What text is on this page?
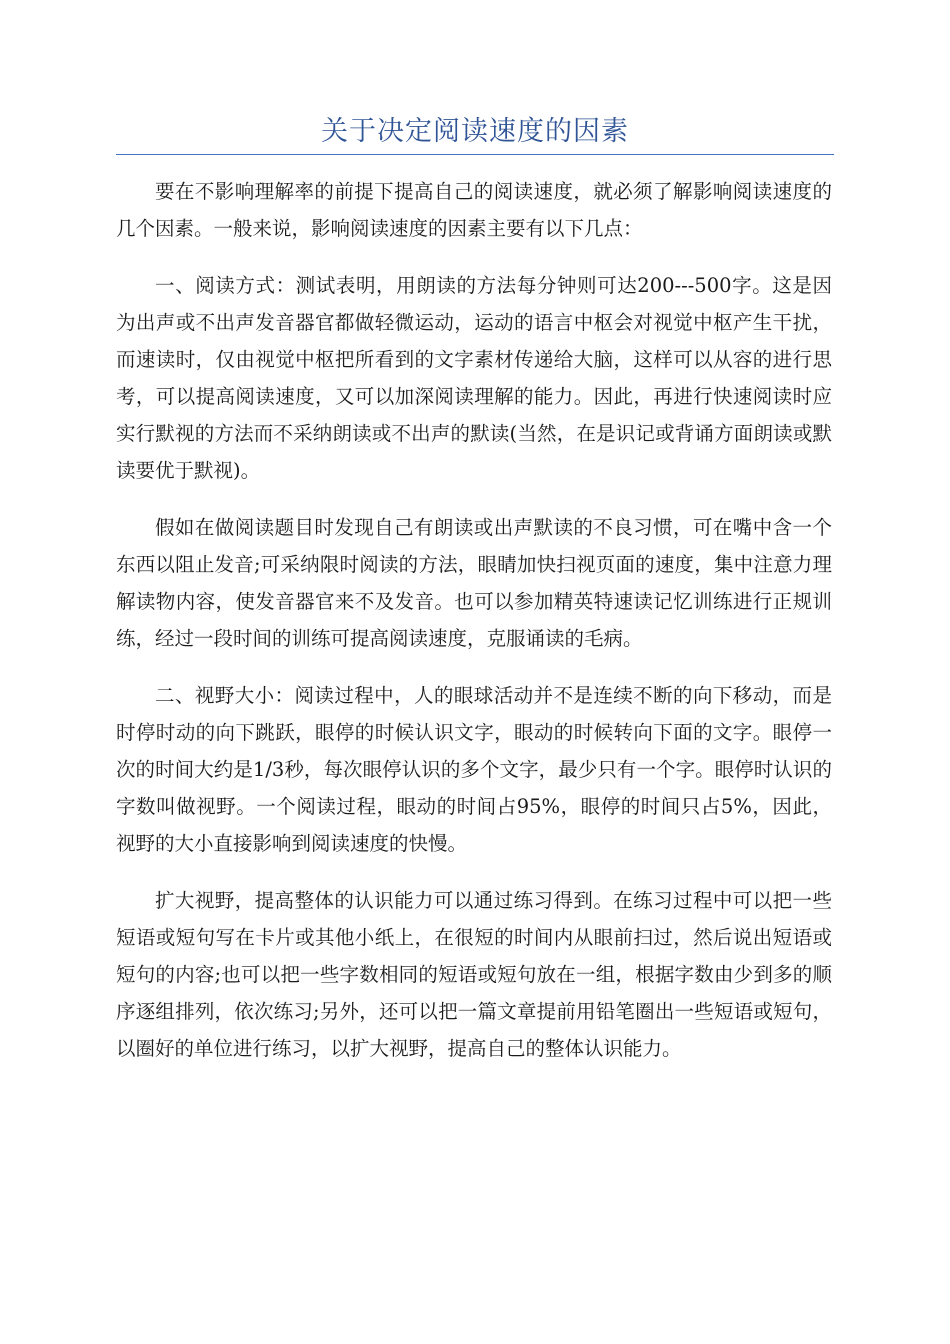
关于决定阅读速度的因素

要在不影响理解率的前提下提高自己的阅读速度，就必须了解影响阅读速度的几个因素。一般来说，影响阅读速度的因素主要有以下几点：

一、阅读方式：测试表明，用朗读的方法每分钟则可达200---500字。这是因为出声或不出声发音器官都做轻微运动，运动的语言中枢会对视觉中枢产生干扰，而速读时，仅由视觉中枢把所看到的文字素材传递给大脑，这样可以从容的进行思考，可以提高阅读速度，又可以加深阅读理解的能力。因此，再进行快速阅读时应实行默视的方法而不采纳朗读或不出声的默读(当然，在是识记或背诵方面朗读或默读要优于默视)。

假如在做阅读题目时发现自己有朗读或出声默读的不良习惯，可在嘴中含一个东西以阻止发音;可采纳限时阅读的方法，眼睛加快扫视页面的速度，集中注意力理解读物内容，使发音器官来不及发音。也可以参加精英特速读记忆训练进行正规训练，经过一段时间的训练可提高阅读速度，克服诵读的毛病。

二、视野大小：阅读过程中，人的眼球活动并不是连续不断的向下移动，而是时停时动的向下跳跃，眼停的时候认识文字，眼动的时候转向下面的文字。眼停一次的时间大约是1/3秒，每次眼停认识的多个文字，最少只有一个字。眼停时认识的字数叫做视野。一个阅读过程，眼动的时间占95%，眼停的时间只占5%，因此，视野的大小直接影响到阅读速度的快慢。

扩大视野，提高整体的认识能力可以通过练习得到。在练习过程中可以把一些短语或短句写在卡片或其他小纸上，在很短的时间内从眼前扫过，然后说出短语或短句的内容;也可以把一些字数相同的短语或短句放在一组，根据字数由少到多的顺序逐组排列，依次练习;另外，还可以把一篇文章提前用铅笔圈出一些短语或短句，以圈好的单位进行练习，以扩大视野，提高自己的整体认识能力。
